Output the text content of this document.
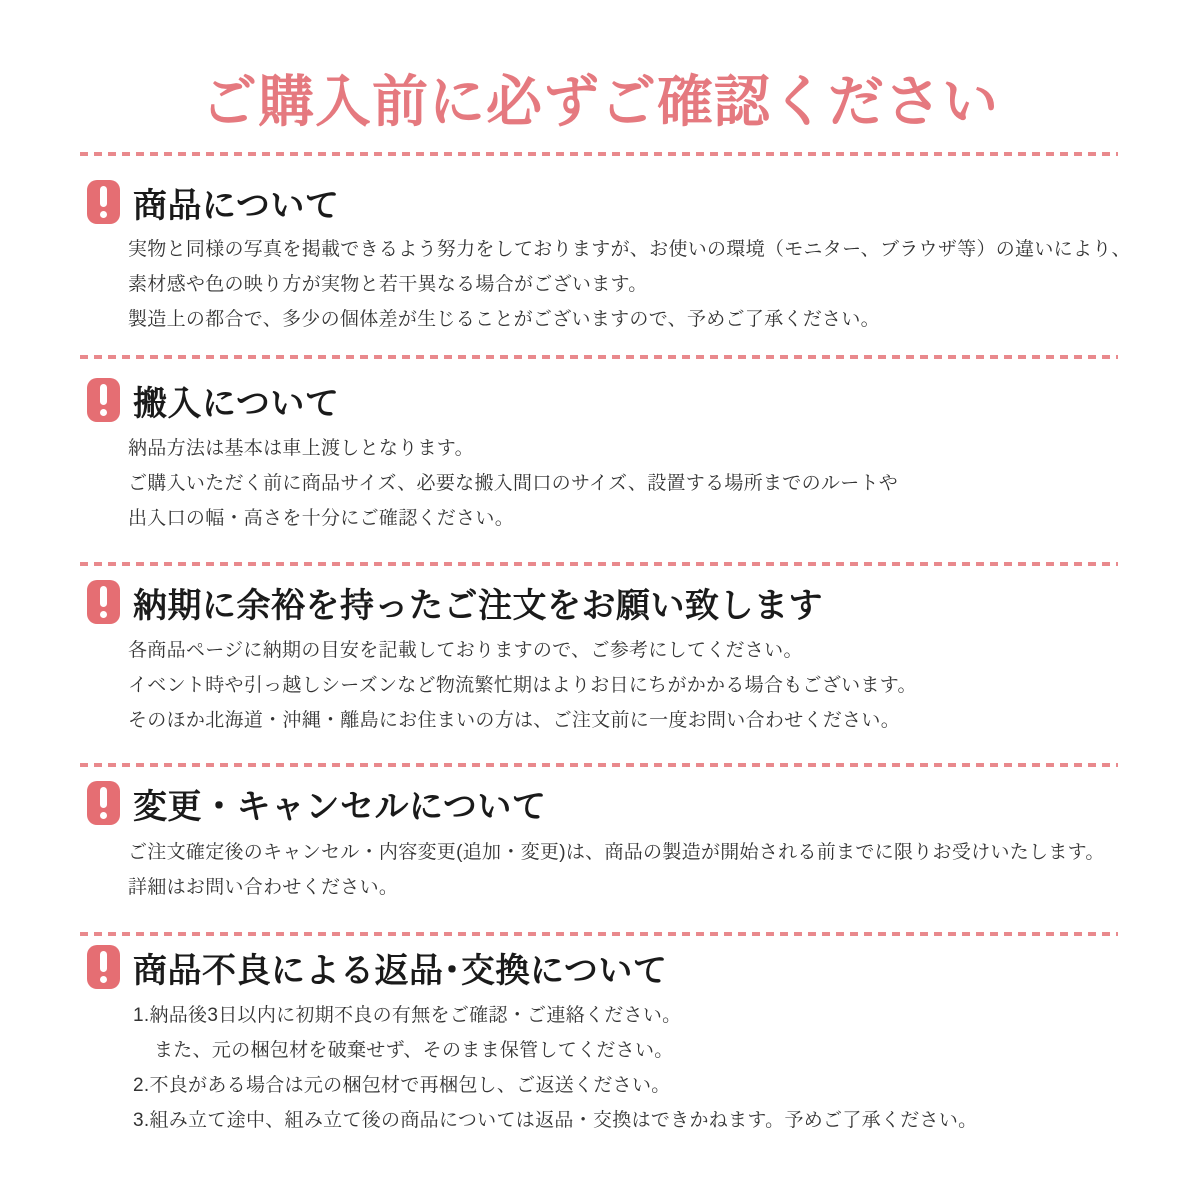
ご購入前に必ずご確認ください
商品について

実物と同様の写真を掲載できるよう努力をしておりますが、お使いの環境（モニター、ブラウザ等）の違いにより、

素材感や色の映り方が実物と若干異なる場合がございます。

製造上の都合で、多少の個体差が生じることがございますので、予めご了承ください。

搬入について

納品方法は基本は車上渡しとなります。

ご購入いただく前に商品サイズ、必要な搬入間口のサイズ、設置する場所までのルートや

出入口の幅・高さを十分にご確認ください。

納期に余裕を持ったご注文をお願い致します

各商品ページに納期の目安を記載しておりますので、ご参考にしてください。

イベント時や引っ越しシーズンなど物流繁忙期はよりお日にちがかかる場合もございます。

そのほか北海道・沖縄・離島にお住まいの方は、ご注文前に一度お問い合わせください。

変更・キャンセルについて

ご注文確定後のキャンセル・内容変更(追加・変更)は、商品の製造が開始される前までに限りお受けいたします。

詳細はお問い合わせください。

商品不良による返品･交換について

1.納品後3日以内に初期不良の有無をご確認・ご連絡ください。

また、元の梱包材を破棄せず、そのまま保管してください。

2.不良がある場合は元の梱包材で再梱包し、ご返送ください。

3.組み立て途中、組み立て後の商品については返品・交換はできかねます。予めご了承ください。
